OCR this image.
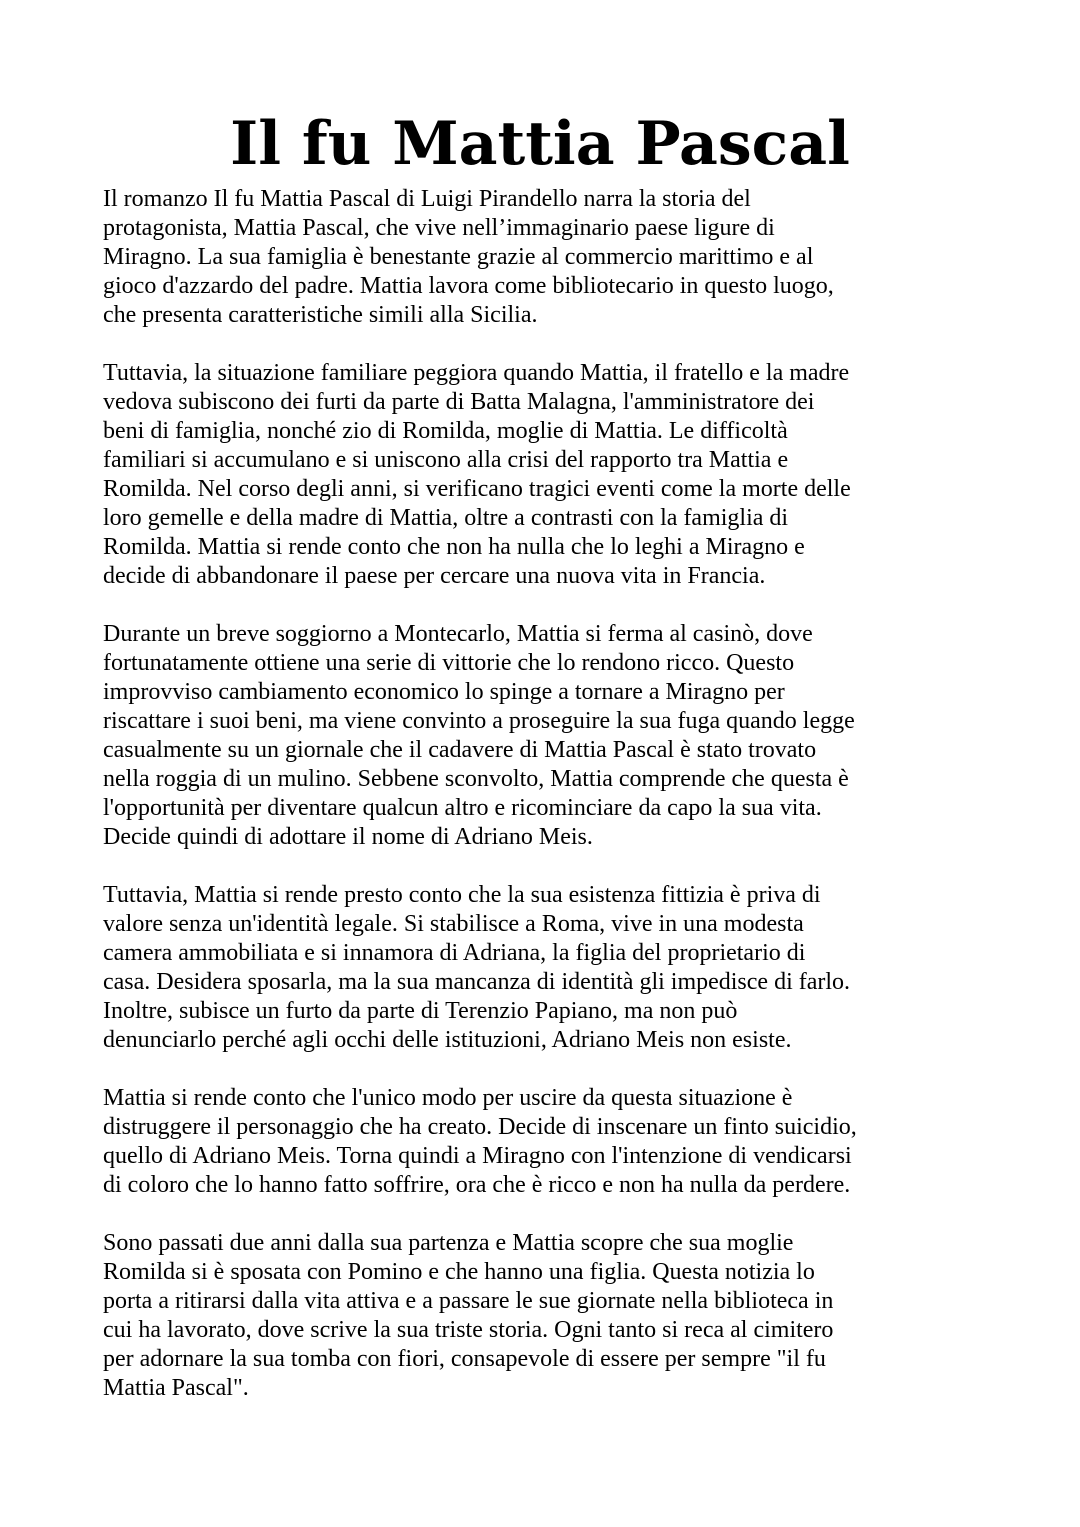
Il fu Mattia Pascal

Il romanzo Il fu Mattia Pascal di Luigi Pirandello narra la storia del
protagonista, Mattia Pascal, che vive nell’immaginario paese ligure di
Miragno. La sua famiglia è benestante grazie al commercio marittimo e al
gioco d'azzardo del padre. Mattia lavora come bibliotecario in questo luogo,
che presenta caratteristiche simili alla Sicilia.

Tuttavia, la situazione familiare peggiora quando Mattia, il fratello e la madre
vedova subiscono dei furti da parte di Batta Malagna, l'amministratore dei
beni di famiglia, nonché zio di Romilda, moglie di Mattia. Le difficoltà
familiari si accumulano e si uniscono alla crisi del rapporto tra Mattia e
Romilda. Nel corso degli anni, si verificano tragici eventi come la morte delle
loro gemelle e della madre di Mattia, oltre a contrasti con la famiglia di
Romilda. Mattia si rende conto che non ha nulla che lo leghi a Miragno e
decide di abbandonare il paese per cercare una nuova vita in Francia.

Durante un breve soggiorno a Montecarlo, Mattia si ferma al casinò, dove
fortunatamente ottiene una serie di vittorie che lo rendono ricco. Questo
improvviso cambiamento economico lo spinge a tornare a Miragno per
riscattare i suoi beni, ma viene convinto a proseguire la sua fuga quando legge
casualmente su un giornale che il cadavere di Mattia Pascal è stato trovato
nella roggia di un mulino. Sebbene sconvolto, Mattia comprende che questa è
l'opportunità per diventare qualcun altro e ricominciare da capo la sua vita.
Decide quindi di adottare il nome di Adriano Meis.

Tuttavia, Mattia si rende presto conto che la sua esistenza fittizia è priva di
valore senza un'identità legale. Si stabilisce a Roma, vive in una modesta
camera ammobiliata e si innamora di Adriana, la figlia del proprietario di
casa. Desidera sposarla, ma la sua mancanza di identità gli impedisce di farlo.
Inoltre, subisce un furto da parte di Terenzio Papiano, ma non può
denunciarlo perché agli occhi delle istituzioni, Adriano Meis non esiste.

Mattia si rende conto che l'unico modo per uscire da questa situazione è
distruggere il personaggio che ha creato. Decide di inscenare un finto suicidio,
quello di Adriano Meis. Torna quindi a Miragno con l'intenzione di vendicarsi
di coloro che lo hanno fatto soffrire, ora che è ricco e non ha nulla da perdere.

Sono passati due anni dalla sua partenza e Mattia scopre che sua moglie
Romilda si è sposata con Pomino e che hanno una figlia. Questa notizia lo
porta a ritirarsi dalla vita attiva e a passare le sue giornate nella biblioteca in
cui ha lavorato, dove scrive la sua triste storia. Ogni tanto si reca al cimitero
per adornare la sua tomba con fiori, consapevole di essere per sempre "il fu
Mattia Pascal".
